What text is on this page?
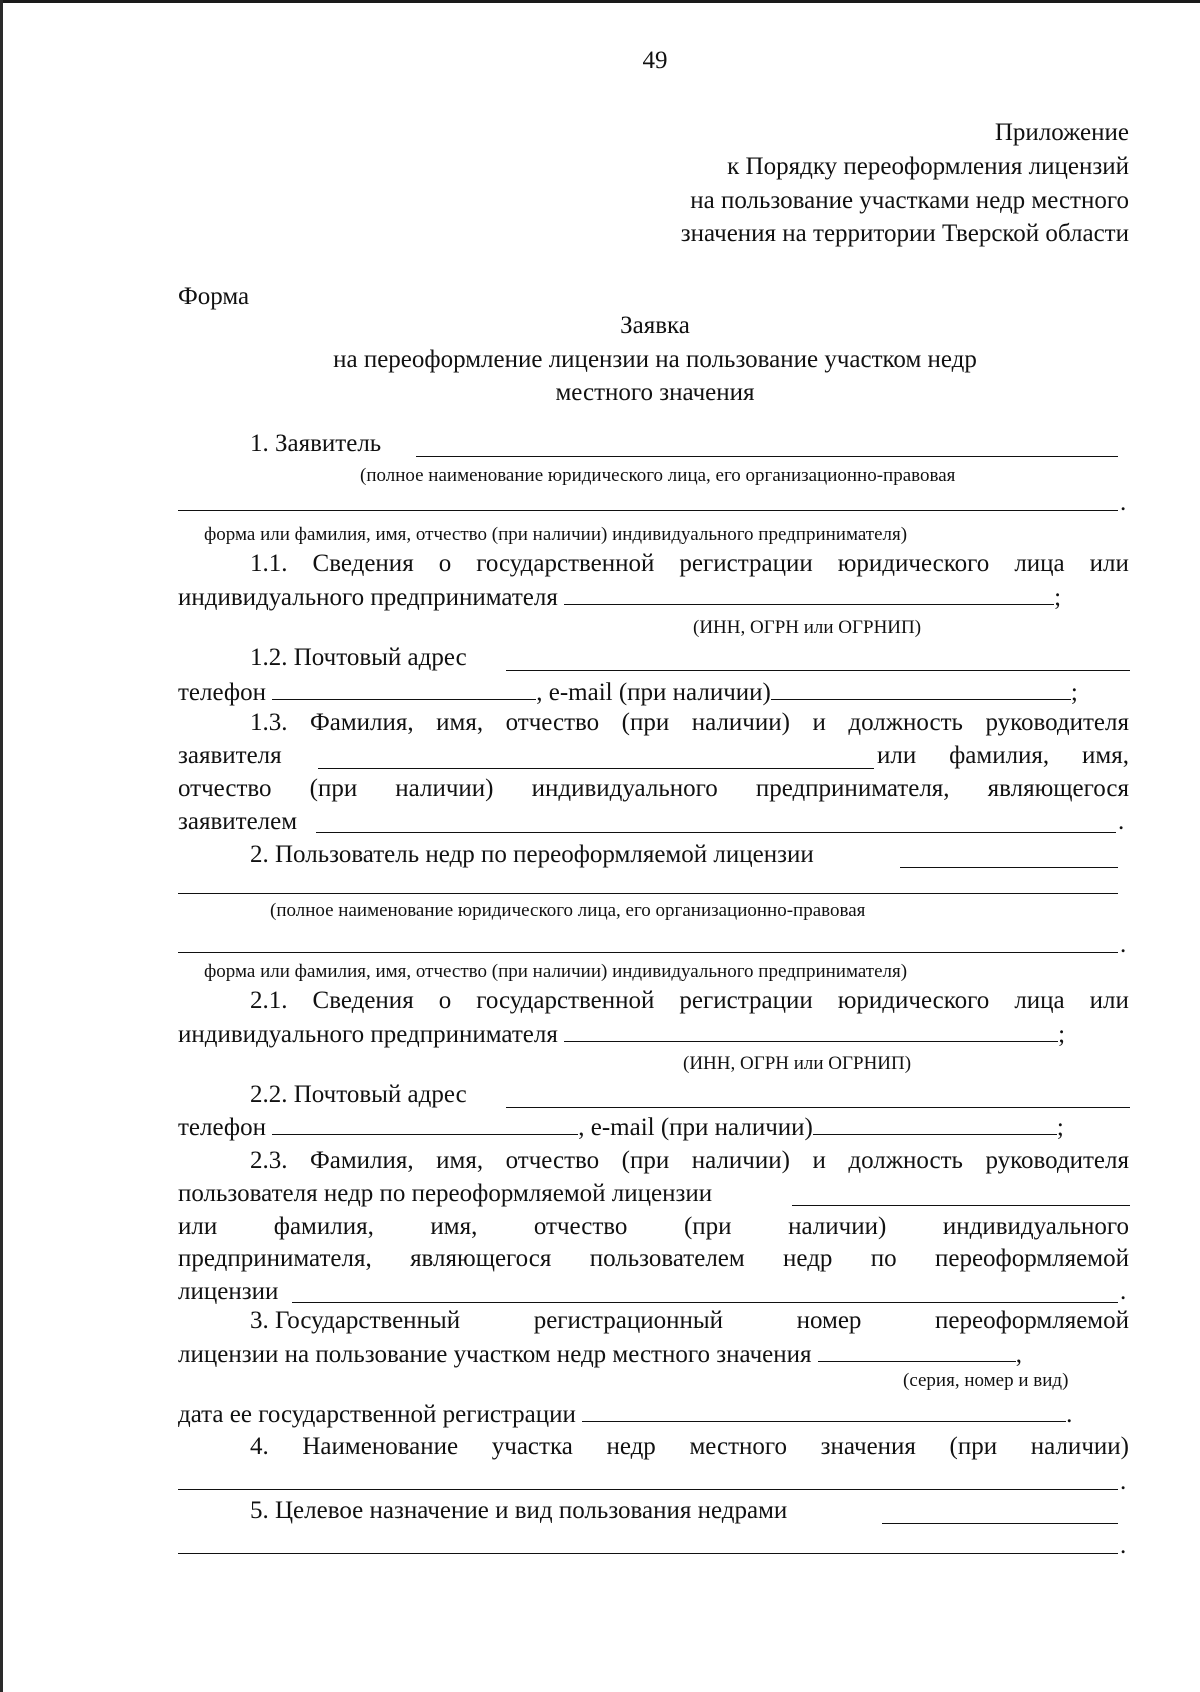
49
Приложение
к Порядку переоформления лицензий
на пользование участками недр местного
значения на территории Тверской области
Форма
Заявка
на переоформление лицензии на пользование участком недр
местного значения
1. Заявитель
(полное наименование юридического лица, его организационно-правовая
.
форма или фамилия, имя, отчество (при наличии) индивидуального предпринимателя)
1.1. Сведения о государственной регистрации юридического лица или
индивидуального предпринимателя	;
(ИНН, ОГРН или ОГРНИП)
1.2. Почтовый адрес
телефон	, e-mail (при наличии)	;
1.3. Фамилия, имя, отчество (при наличии) и должность руководителя
заявителя	или фамилия, имя,
отчество (при наличии) индивидуального предпринимателя, являющегося
заявителем	.
2. Пользователь недр по переоформляемой лицензии
(полное наименование юридического лица, его организационно-правовая
.
форма или фамилия, имя, отчество (при наличии) индивидуального предпринимателя)
2.1. Сведения о государственной регистрации юридического лица или
индивидуального предпринимателя	;
(ИНН, ОГРН или ОГРНИП)
2.2. Почтовый адрес
телефон	, e-mail (при наличии)	;
2.3. Фамилия, имя, отчество (при наличии) и должность руководителя
пользователя недр по переоформляемой лицензии
или фамилия, имя, отчество (при наличии) индивидуального
предпринимателя, являющегося пользователем недр по переоформляемой
лицензии	.
3. Государственный	регистрационный	номер	переоформляемой
лицензии на пользование участком недр местного значения	,
(серия, номер и вид)
дата ее государственной регистрации	.
4. Наименование участка недр местного значения (при наличии)
.
5. Целевое назначение и вид пользования недрами
.
